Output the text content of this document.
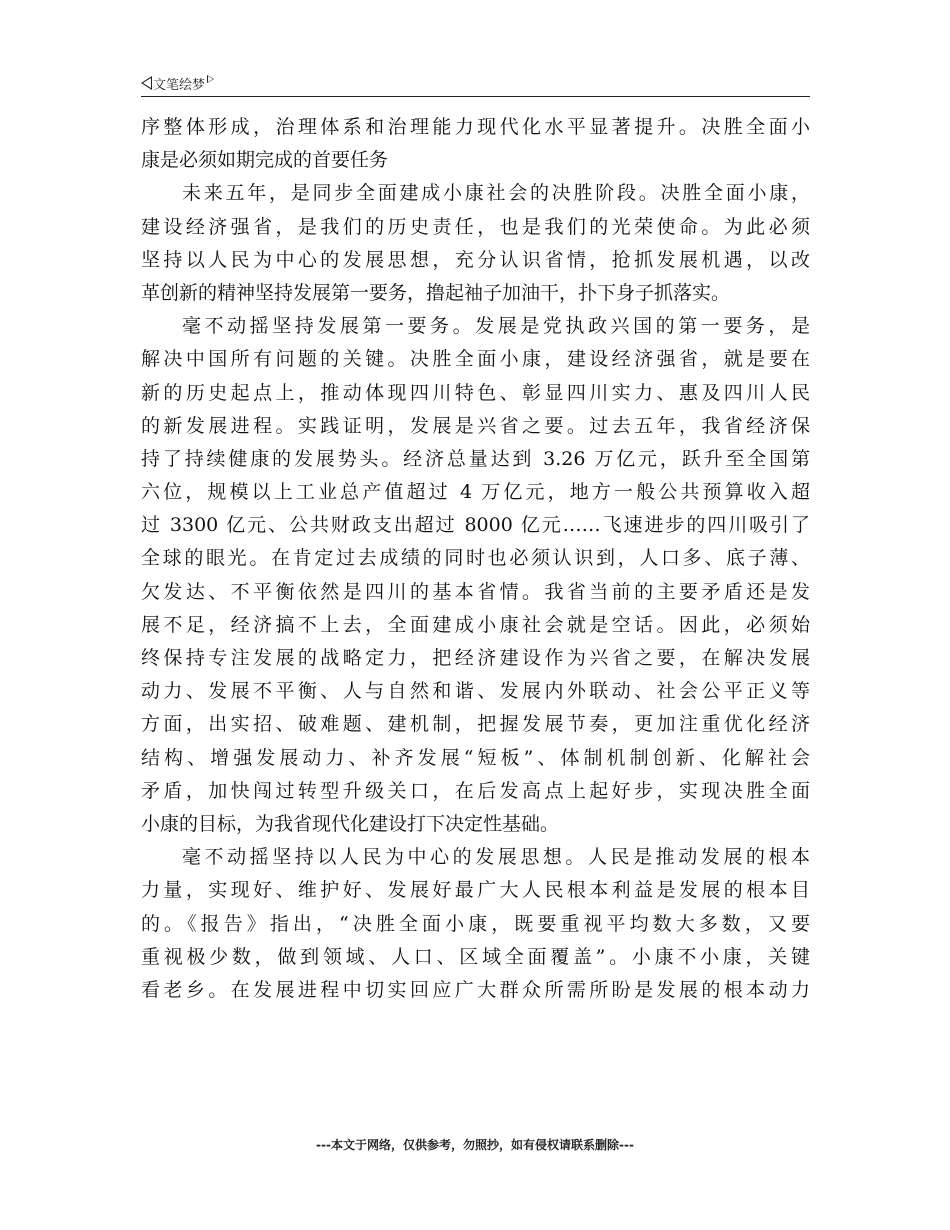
文笔绘梦
序整体形成，治理体系和治理能力现代化水平显著提升。决胜全面小
康是必须如期完成的首要任务
未来五年，是同步全面建成小康社会的决胜阶段。决胜全面小康，
建设经济强省，是我们的历史责任，也是我们的光荣使命。为此必须
坚持以人民为中心的发展思想，充分认识省情，抢抓发展机遇，以改
革创新的精神坚持发展第一要务，撸起袖子加油干，扑下身子抓落实。
毫不动摇坚持发展第一要务。发展是党执政兴国的第一要务，是
解决中国所有问题的关键。决胜全面小康，建设经济强省，就是要在
新的历史起点上，推动体现四川特色、彰显四川实力、惠及四川人民
的新发展进程。实践证明，发展是兴省之要。过去五年，我省经济保
持了持续健康的发展势头。经济总量达到 3.26 万亿元，跃升至全国第
六位，规模以上工业总产值超过 4 万亿元，地方一般公共预算收入超
过 3300 亿元、公共财政支出超过 8000 亿元……飞速进步的四川吸引了
全球的眼光。在肯定过去成绩的同时也必须认识到，人口多、底子薄、
欠发达、不平衡依然是四川的基本省情。我省当前的主要矛盾还是发
展不足，经济搞不上去，全面建成小康社会就是空话。因此，必须始
终保持专注发展的战略定力，把经济建设作为兴省之要，在解决发展
动力、发展不平衡、人与自然和谐、发展内外联动、社会公平正义等
方面，出实招、破难题、建机制，把握发展节奏，更加注重优化经济
结构、增强发展动力、补齐发展“短板”、体制机制创新、化解社会
矛盾，加快闯过转型升级关口，在后发高点上起好步，实现决胜全面
小康的目标，为我省现代化建设打下决定性基础。
毫不动摇坚持以人民为中心的发展思想。人民是推动发展的根本
力量，实现好、维护好、发展好最广大人民根本利益是发展的根本目
的。《报告》指出，“决胜全面小康，既要重视平均数大多数，又要
重视极少数，做到领域、人口、区域全面覆盖”。小康不小康，关键
看老乡。在发展进程中切实回应广大群众所需所盼是发展的根本动力
---本文于网络，仅供参考，勿照抄，如有侵权请联系删除---
